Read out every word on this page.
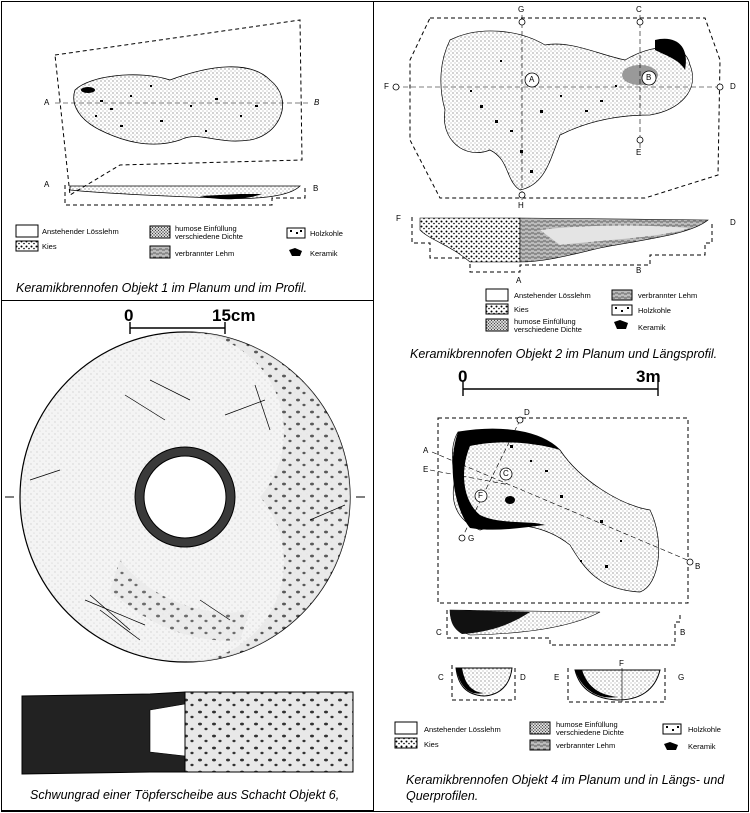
A	B
A	B
Anstehender Lösslehm
Kies
humose Einfüllung verschiedene Dichte
verbrannter Lehm
Holzkohle
Keramik
Keramikbrennofen Objekt 1 im Planum und im Profil.
G	C
F	D
A	B
E
H
F	D
A
B
Anstehender Lösslehm
Kies
humose Einfüllung verschiedene Dichte
verbrannter Lehm
Holzkohle
Keramik
Keramikbrennofen Objekt 2 im Planum und Längsprofil.
0	15cm
Schwungrad einer Töpferscheibe aus Schacht Objekt 6,
0	3m
D
A
E	C
F
G
B
C	B
C	D	E
F
G
Anstehender Lösslehm
Kies
humose Einfüllung verschiedene Dichte
verbrannter Lehm
Holzkohle
Keramik
Keramikbrennofen Objekt 4 im Planum und in Längs- und Querprofilen.
